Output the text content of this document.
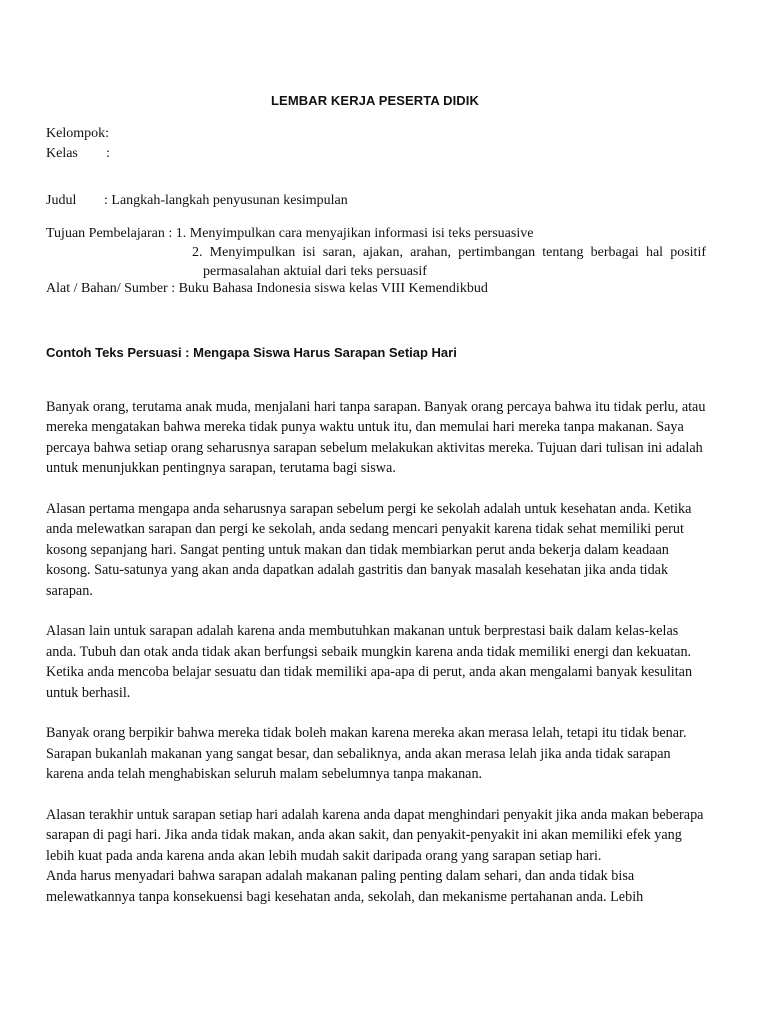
LEMBAR KERJA PESERTA DIDIK
Kelompok:
Kelas :
Judul : Langkah-langkah penyusunan kesimpulan
Tujuan Pembelajaran : 1. Menyimpulkan cara menyajikan informasi isi teks persuasive
2. Menyimpulkan isi saran, ajakan, arahan, pertimbangan tentang berbagai hal positif
permasalahan aktuial dari teks persuasif
Alat / Bahan/ Sumber : Buku Bahasa Indonesia siswa kelas VIII Kemendikbud
Contoh Teks Persuasi : Mengapa Siswa Harus Sarapan Setiap Hari

Banyak orang, terutama anak muda, menjalani hari tanpa sarapan. Banyak orang percaya bahwa itu tidak perlu, atau mereka mengatakan bahwa mereka tidak punya waktu untuk itu, dan memulai hari mereka tanpa makanan. Saya percaya bahwa setiap orang seharusnya sarapan sebelum melakukan aktivitas mereka. Tujuan dari tulisan ini adalah untuk menunjukkan pentingnya sarapan, terutama bagi siswa.

Alasan pertama mengapa anda seharusnya sarapan sebelum pergi ke sekolah adalah untuk kesehatan anda. Ketika anda melewatkan sarapan dan pergi ke sekolah, anda sedang mencari penyakit karena tidak sehat memiliki perut kosong sepanjang hari. Sangat penting untuk makan dan tidak membiarkan perut anda bekerja dalam keadaan kosong. Satu-satunya yang akan anda dapatkan adalah gastritis dan banyak masalah kesehatan jika anda tidak sarapan.

Alasan lain untuk sarapan adalah karena anda membutuhkan makanan untuk berprestasi baik dalam kelas-kelas anda. Tubuh dan otak anda tidak akan berfungsi sebaik mungkin karena anda tidak memiliki energi dan kekuatan. Ketika anda mencoba belajar sesuatu dan tidak memiliki apa-apa di perut, anda akan mengalami banyak kesulitan untuk berhasil.

Banyak orang berpikir bahwa mereka tidak boleh makan karena mereka akan merasa lelah, tetapi itu tidak benar. Sarapan bukanlah makanan yang sangat besar, dan sebaliknya, anda akan merasa lelah jika anda tidak sarapan karena anda telah menghabiskan seluruh malam sebelumnya tanpa makanan.

Alasan terakhir untuk sarapan setiap hari adalah karena anda dapat menghindari penyakit jika anda makan beberapa sarapan di pagi hari. Jika anda tidak makan, anda akan sakit, dan penyakit-penyakit ini akan memiliki efek yang lebih kuat pada anda karena anda akan lebih mudah sakit daripada orang yang sarapan setiap hari.

Anda harus menyadari bahwa sarapan adalah makanan paling penting dalam sehari, dan anda tidak bisa melewatkannya tanpa konsekuensi bagi kesehatan anda, sekolah, dan mekanisme pertahanan anda. Lebih
